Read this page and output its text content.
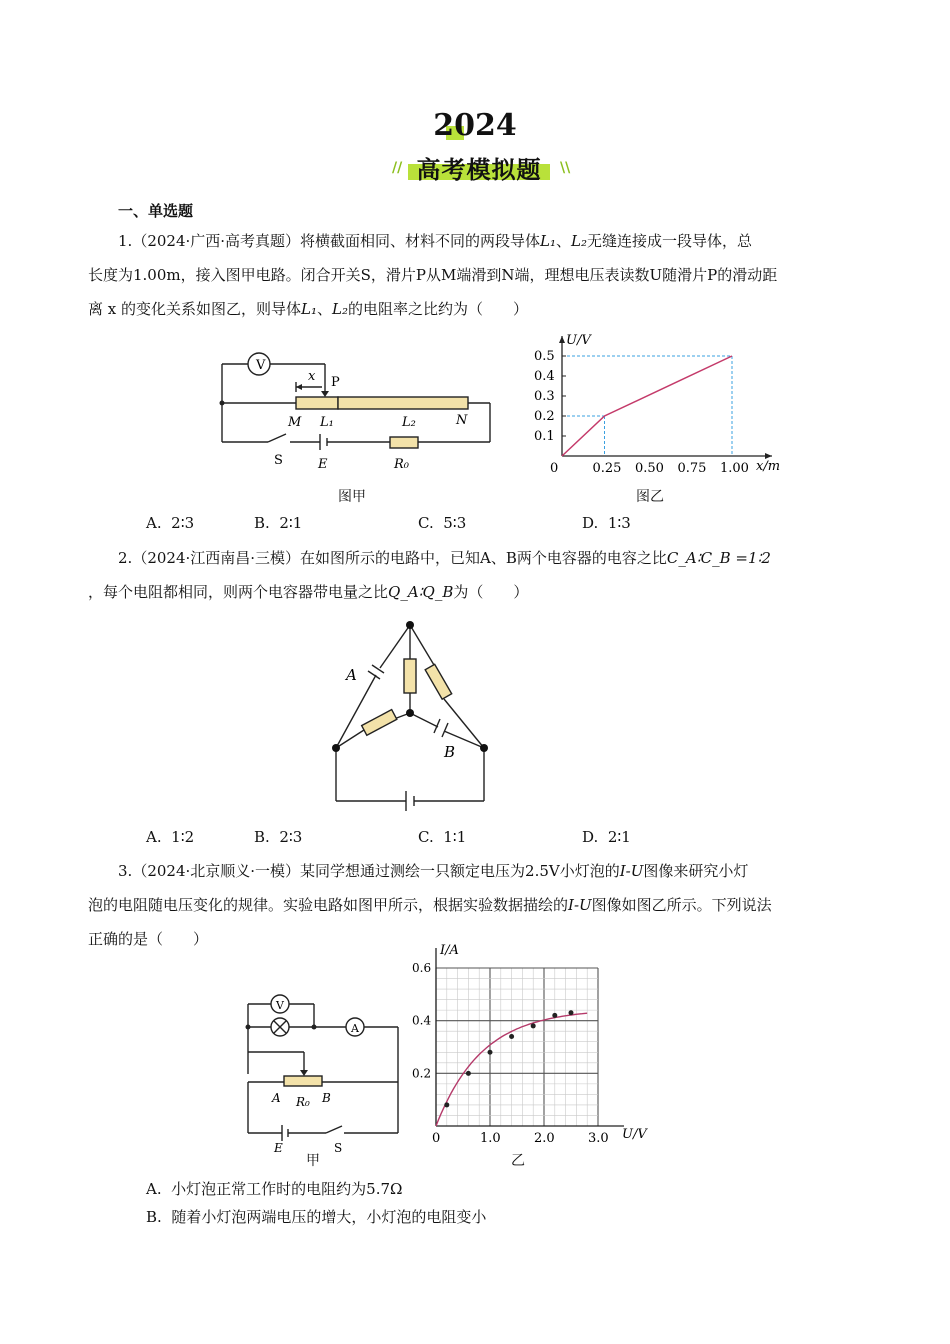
2024
高考模拟题
//	\\
一、单选题
1.（2024·广西·高考真题）将横截面相同、材料不同的两段导体L₁、L₂无缝连接成一段导体，总
长度为1.00m，接入图甲电路。闭合开关S，滑片P从M端滑到N端，理想电压表读数U随滑片P的滑动距
离 x 的变化关系如图乙，则导体L₁、L₂的电阻率之比约为（　　）
V
x P
M L₁	L₂	N
S	E	R₀
图甲
U/V
x/m
0	0.25 0.50 0.75 1.00
0.1
0.2
0.3
0.4
0.5
图乙
A. 2∶3	B. 2∶1	C. 5∶3	D. 1∶3
2.（2024·江西南昌·三模）在如图所示的电路中，已知A、B两个电容器的电容之比C_A∶C_B =1∶2
，每个电阻都相同，则两个电容器带电量之比Q_A∶Q_B为（　　）
A
B
A. 1∶2	B. 2∶3	C. 1∶1	D. 2∶1
3.（2024·北京顺义·一模）某同学想通过测绘一只额定电压为2.5V小灯泡的I-U图像来研究小灯
泡的电阻随电压变化的规律。实验电路如图甲所示，根据实验数据描绘的I-U图像如图乙所示。下列说法
正确的是（　　）
V
A
A R₀ B
E	S
甲
I/A
U/V
0	1.0	2.0	3.0
0.2
0.4
0.6
乙
A. 小灯泡正常工作时的电阻约为5.7Ω
B. 随着小灯泡两端电压的增大，小灯泡的电阻变小
